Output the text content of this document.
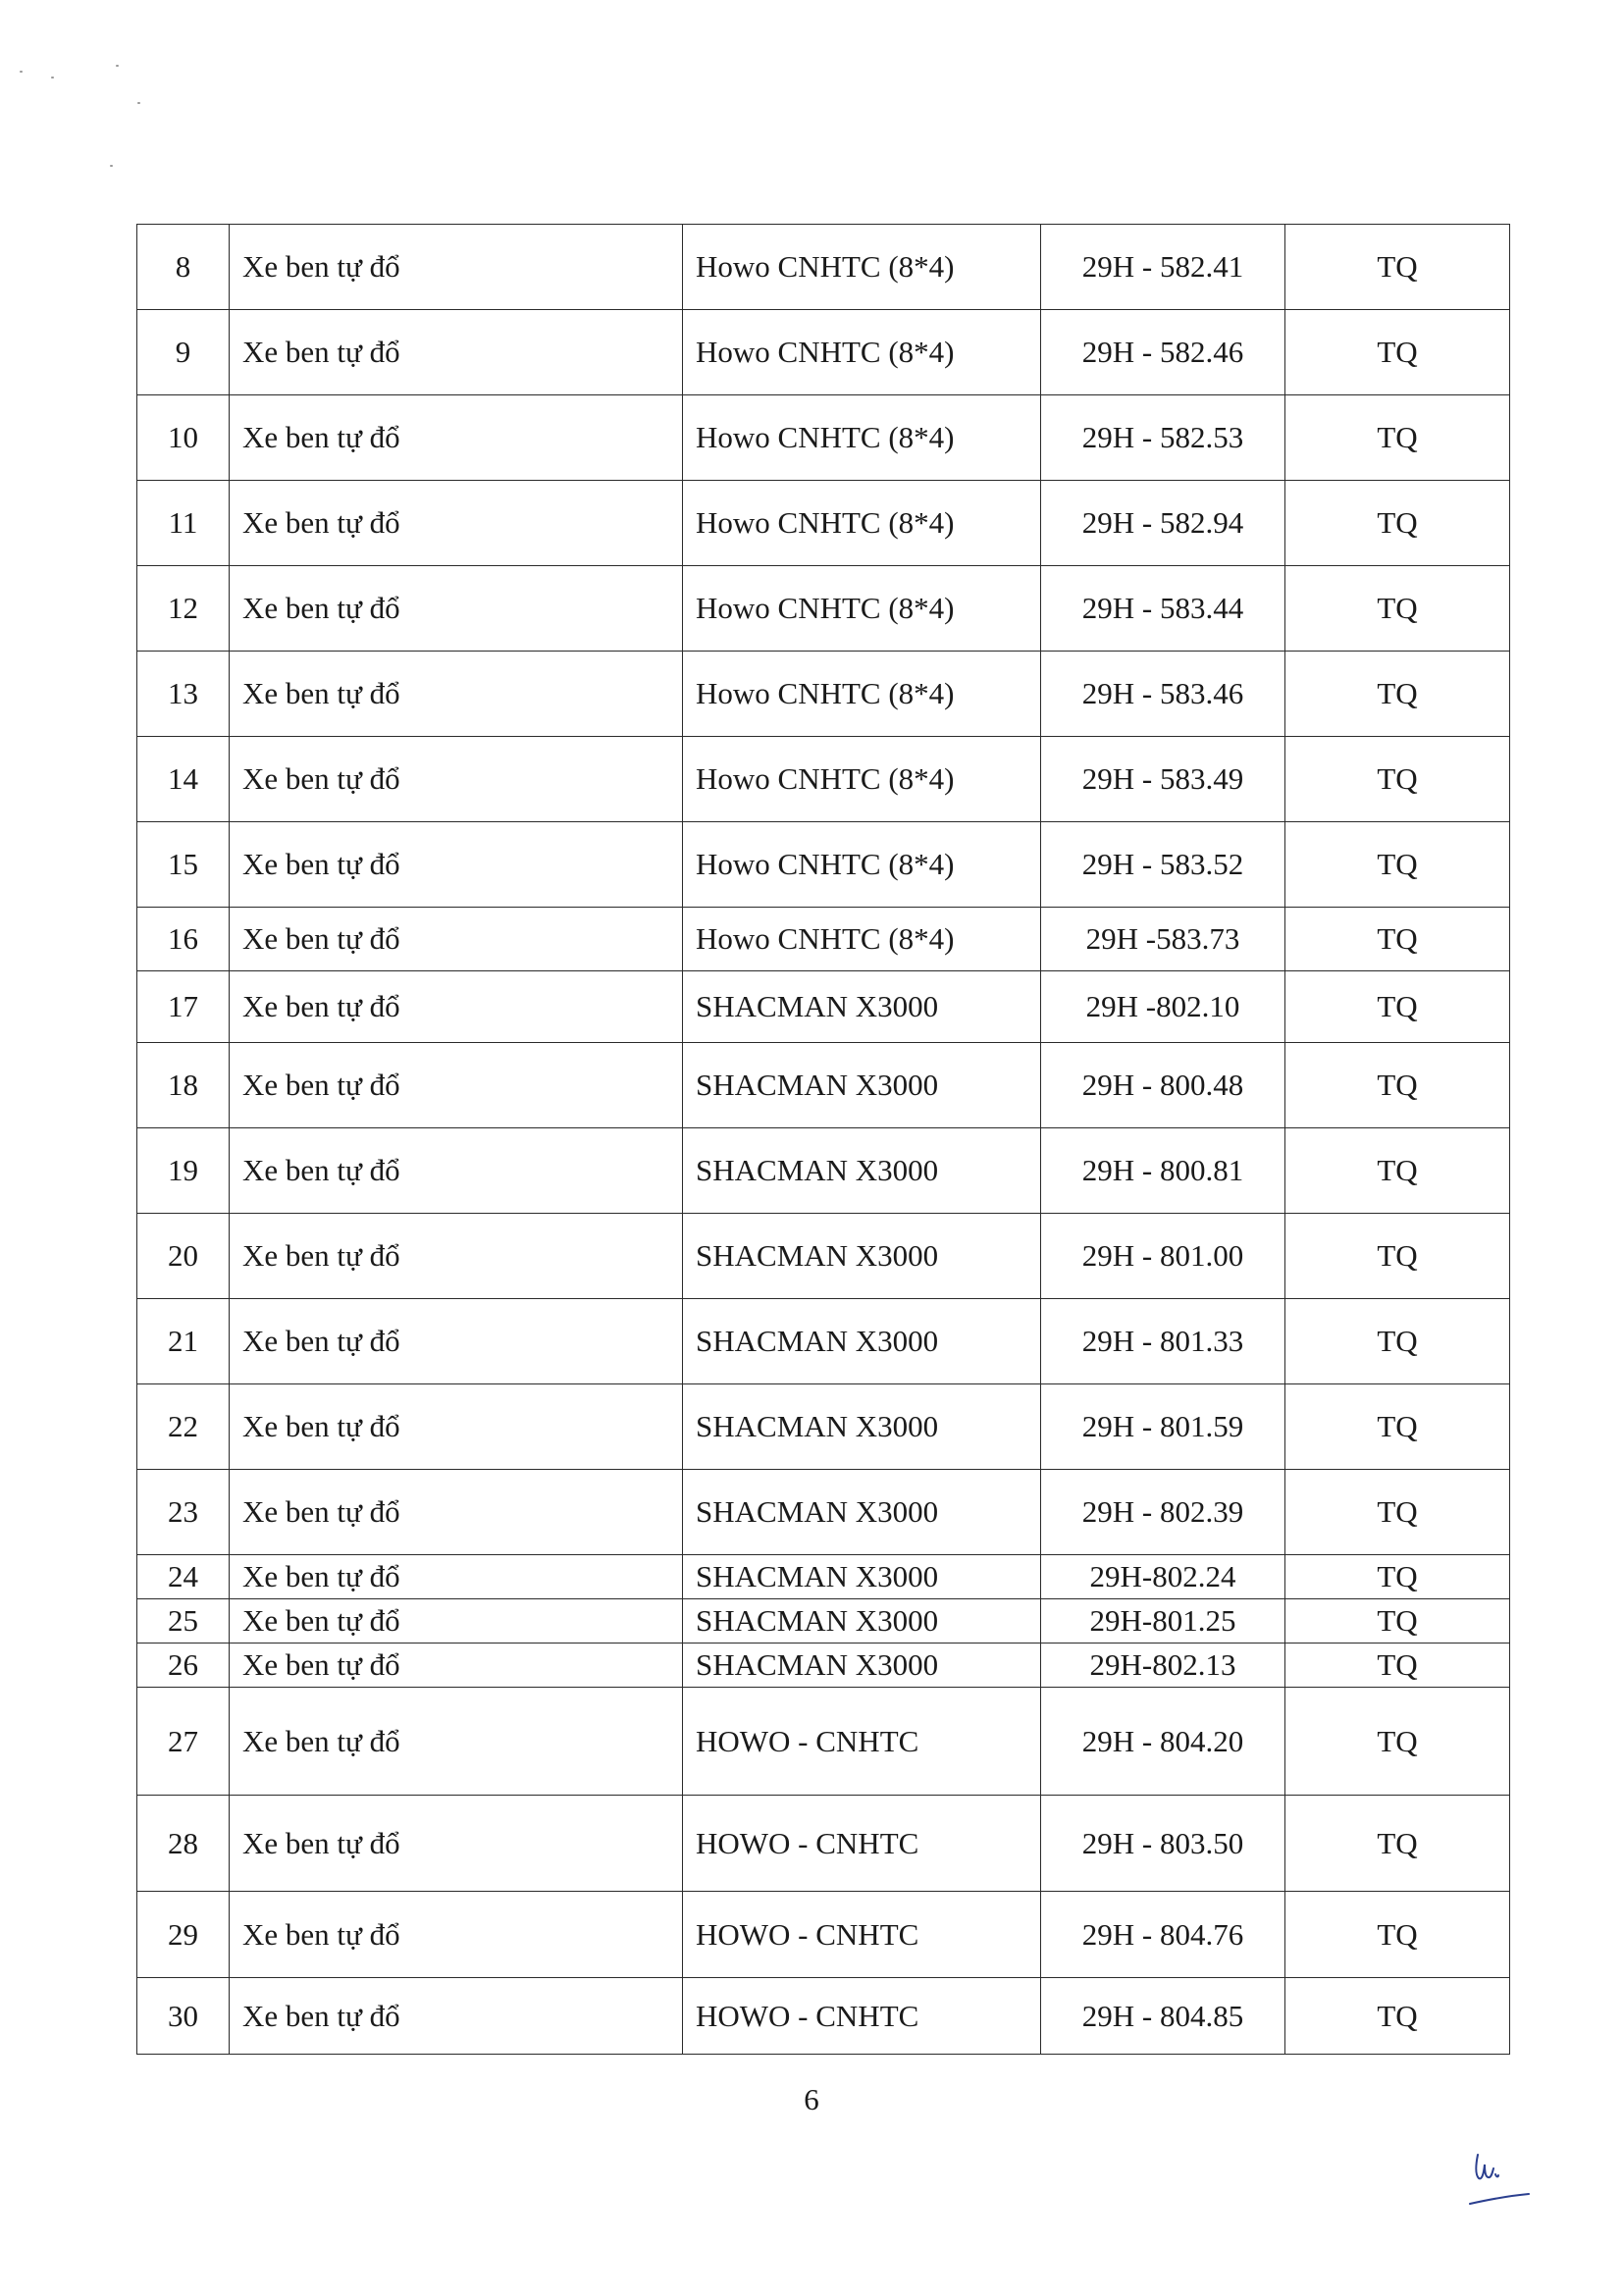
8	Xe ben tự đổ	Howo CNHTC (8*4)	29H - 582.41	TQ
9	Xe ben tự đổ	Howo CNHTC (8*4)	29H - 582.46	TQ
10	Xe ben tự đổ	Howo CNHTC (8*4)	29H - 582.53	TQ
11	Xe ben tự đổ	Howo CNHTC (8*4)	29H - 582.94	TQ
12	Xe ben tự đổ	Howo CNHTC (8*4)	29H - 583.44	TQ
13	Xe ben tự đổ	Howo CNHTC (8*4)	29H - 583.46	TQ
14	Xe ben tự đổ	Howo CNHTC (8*4)	29H - 583.49	TQ
15	Xe ben tự đổ	Howo CNHTC (8*4)	29H - 583.52	TQ
16	Xe ben tự đổ	Howo CNHTC (8*4)	29H -583.73	TQ
17	Xe ben tự đổ	SHACMAN X3000	29H -802.10	TQ
18	Xe ben tự đổ	SHACMAN X3000	29H - 800.48	TQ
19	Xe ben tự đổ	SHACMAN X3000	29H - 800.81	TQ
20	Xe ben tự đổ	SHACMAN X3000	29H - 801.00	TQ
21	Xe ben tự đổ	SHACMAN X3000	29H - 801.33	TQ
22	Xe ben tự đổ	SHACMAN X3000	29H - 801.59	TQ
23	Xe ben tự đổ	SHACMAN X3000	29H - 802.39	TQ
24	Xe ben tự đổ	SHACMAN X3000	29H-802.24	TQ
25	Xe ben tự đổ	SHACMAN X3000	29H-801.25	TQ
26	Xe ben tự đổ	SHACMAN X3000	29H-802.13	TQ
27	Xe ben tự đổ	HOWO - CNHTC	29H - 804.20	TQ
28	Xe ben tự đổ	HOWO - CNHTC	29H - 803.50	TQ
29	Xe ben tự đổ	HOWO - CNHTC	29H - 804.76	TQ
30	Xe ben tự đổ	HOWO - CNHTC	29H - 804.85	TQ
6
